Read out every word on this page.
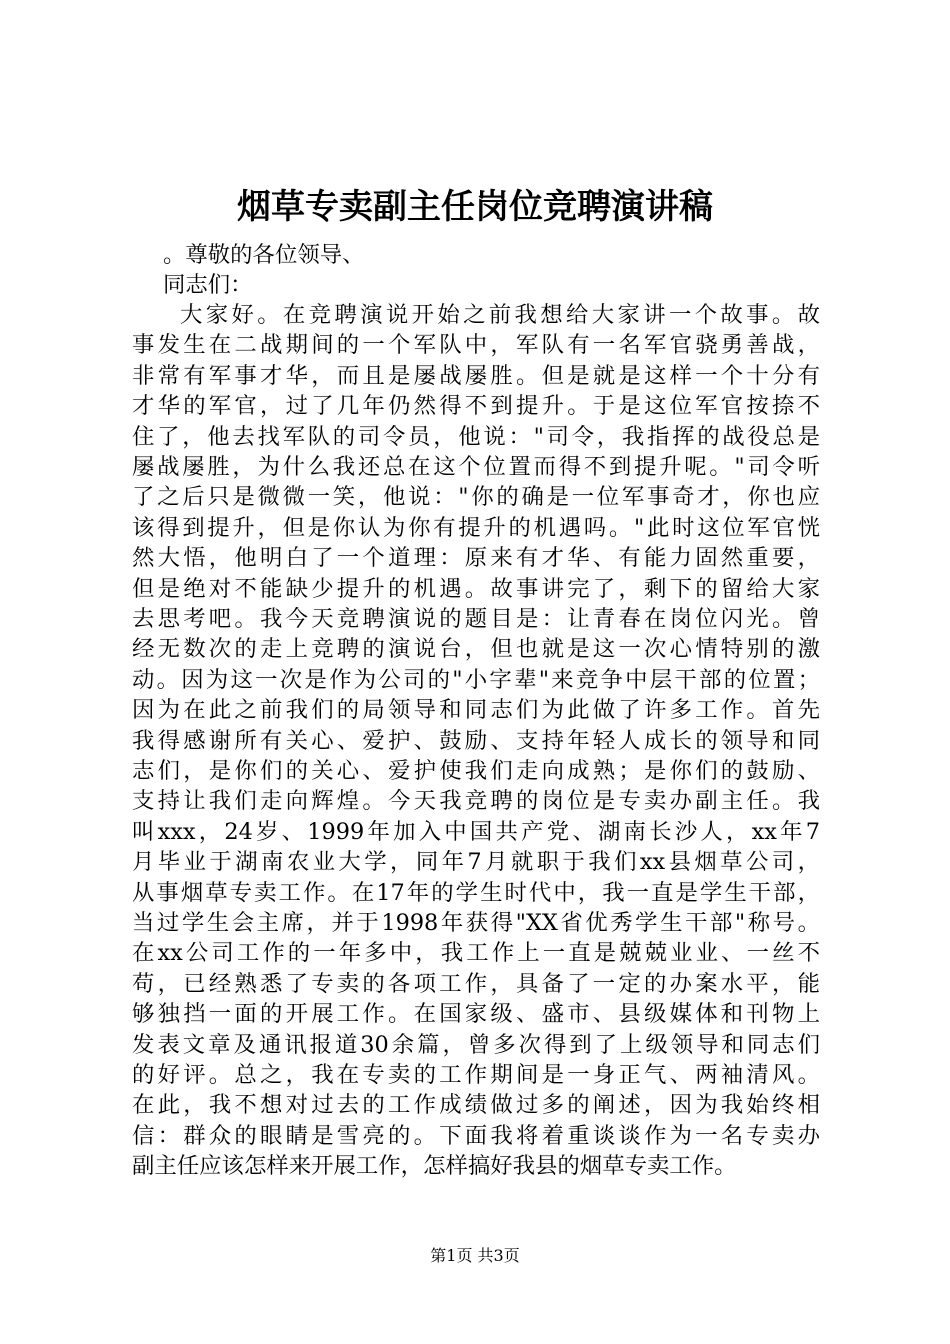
烟草专卖副主任岗位竞聘演讲稿
。尊敬的各位领导、
同志们：
大家好。在竞聘演说开始之前我想给大家讲一个故事。故
事发生在二战期间的一个军队中，军队有一名军官骁勇善战，
非常有军事才华，而且是屡战屡胜。但是就是这样一个十分有
才华的军官，过了几年仍然得不到提升。于是这位军官按捺不
住了，他去找军队的司令员，他说："司令，我指挥的战役总是
屡战屡胜，为什么我还总在这个位置而得不到提升呢。"司令听
了之后只是微微一笑，他说："你的确是一位军事奇才，你也应
该得到提升，但是你认为你有提升的机遇吗。"此时这位军官恍
然大悟，他明白了一个道理：原来有才华、有能力固然重要，
但是绝对不能缺少提升的机遇。故事讲完了，剩下的留给大家
去思考吧。我今天竞聘演说的题目是：让青春在岗位闪光。曾
经无数次的走上竞聘的演说台，但也就是这一次心情特别的激
动。因为这一次是作为公司的"小字辈"来竞争中层干部的位置；
因为在此之前我们的局领导和同志们为此做了许多工作。首先
我得感谢所有关心、爱护、鼓励、支持年轻人成长的领导和同
志们，是你们的关心、爱护使我们走向成熟；是你们的鼓励、
支持让我们走向辉煌。今天我竞聘的岗位是专卖办副主任。我
叫xxx，24岁、1999年加入中国共产党、湖南长沙人，xx年7
月毕业于湖南农业大学，同年7月就职于我们xx县烟草公司，
从事烟草专卖工作。在17年的学生时代中，我一直是学生干部，
当过学生会主席，并于1998年获得"XX省优秀学生干部"称号。
在xx公司工作的一年多中，我工作上一直是兢兢业业、一丝不
苟，已经熟悉了专卖的各项工作，具备了一定的办案水平，能
够独挡一面的开展工作。在国家级、盛市、县级媒体和刊物上
发表文章及通讯报道30余篇，曾多次得到了上级领导和同志们
的好评。总之，我在专卖的工作期间是一身正气、两袖清风。
在此，我不想对过去的工作成绩做过多的阐述，因为我始终相
信：群众的眼睛是雪亮的。下面我将着重谈谈作为一名专卖办
副主任应该怎样来开展工作，怎样搞好我县的烟草专卖工作。
第1页 共3页
